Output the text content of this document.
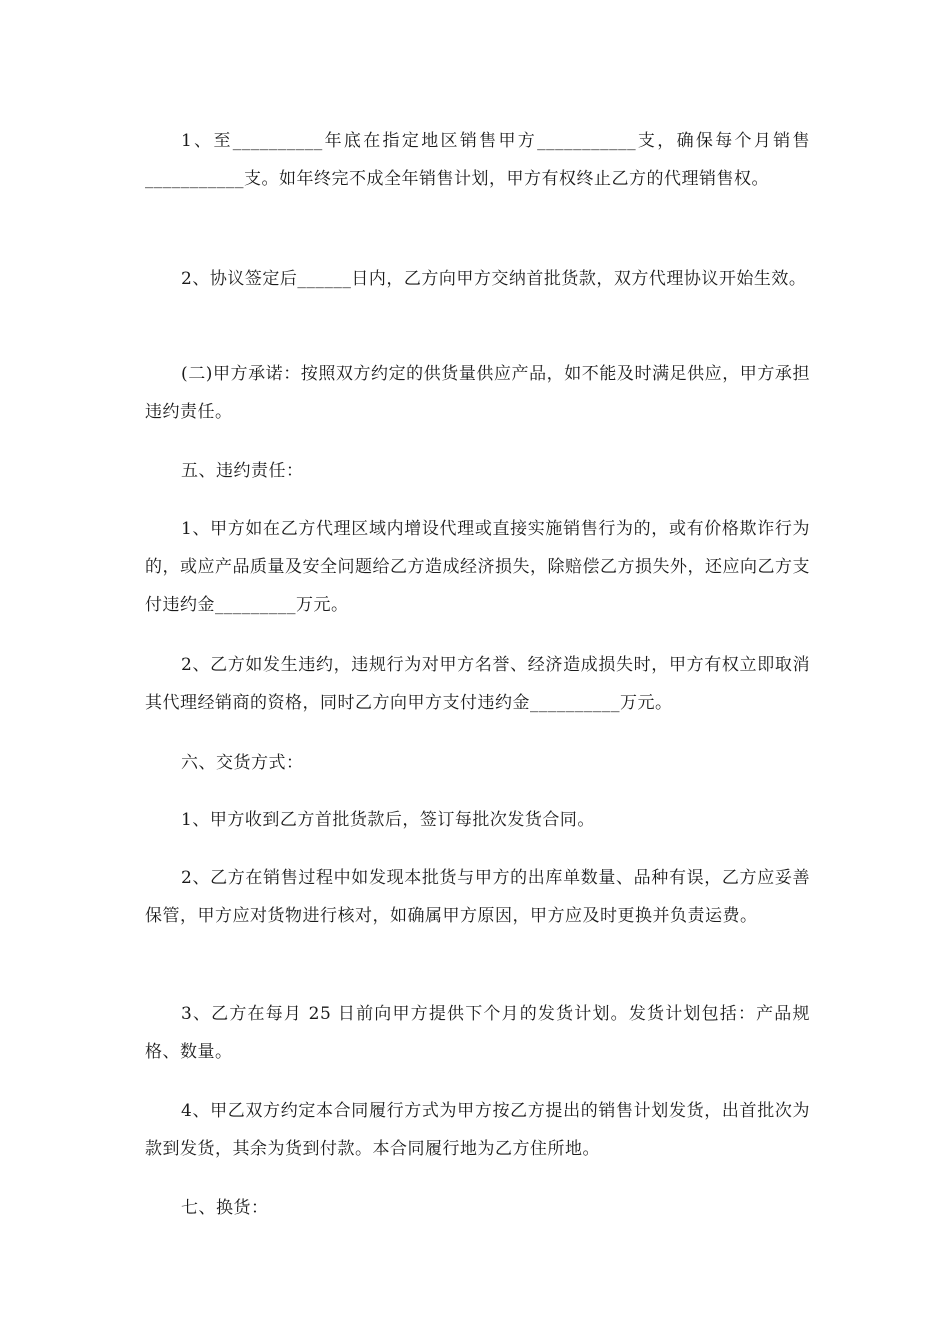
1、至__________年底在指定地区销售甲方___________支，确保每个月销售___________支。如年终完不成全年销售计划，甲方有权终止乙方的代理销售权。

2、协议签定后______日内，乙方向甲方交纳首批货款，双方代理协议开始生效。

(二)甲方承诺：按照双方约定的供货量供应产品，如不能及时满足供应，甲方承担违约责任。

五、违约责任：

1、甲方如在乙方代理区域内增设代理或直接实施销售行为的，或有价格欺诈行为的，或应产品质量及安全问题给乙方造成经济损失，除赔偿乙方损失外，还应向乙方支付违约金_________万元。

2、乙方如发生违约，违规行为对甲方名誉、经济造成损失时，甲方有权立即取消其代理经销商的资格，同时乙方向甲方支付违约金__________万元。

六、交货方式：

1、甲方收到乙方首批货款后，签订每批次发货合同。

2、乙方在销售过程中如发现本批货与甲方的出库单数量、品种有误，乙方应妥善保管，甲方应对货物进行核对，如确属甲方原因，甲方应及时更换并负责运费。

3、乙方在每月 25 日前向甲方提供下个月的发货计划。发货计划包括：产品规格、数量。

4、甲乙双方约定本合同履行方式为甲方按乙方提出的销售计划发货，出首批次为款到发货，其余为货到付款。本合同履行地为乙方住所地。

七、换货：
